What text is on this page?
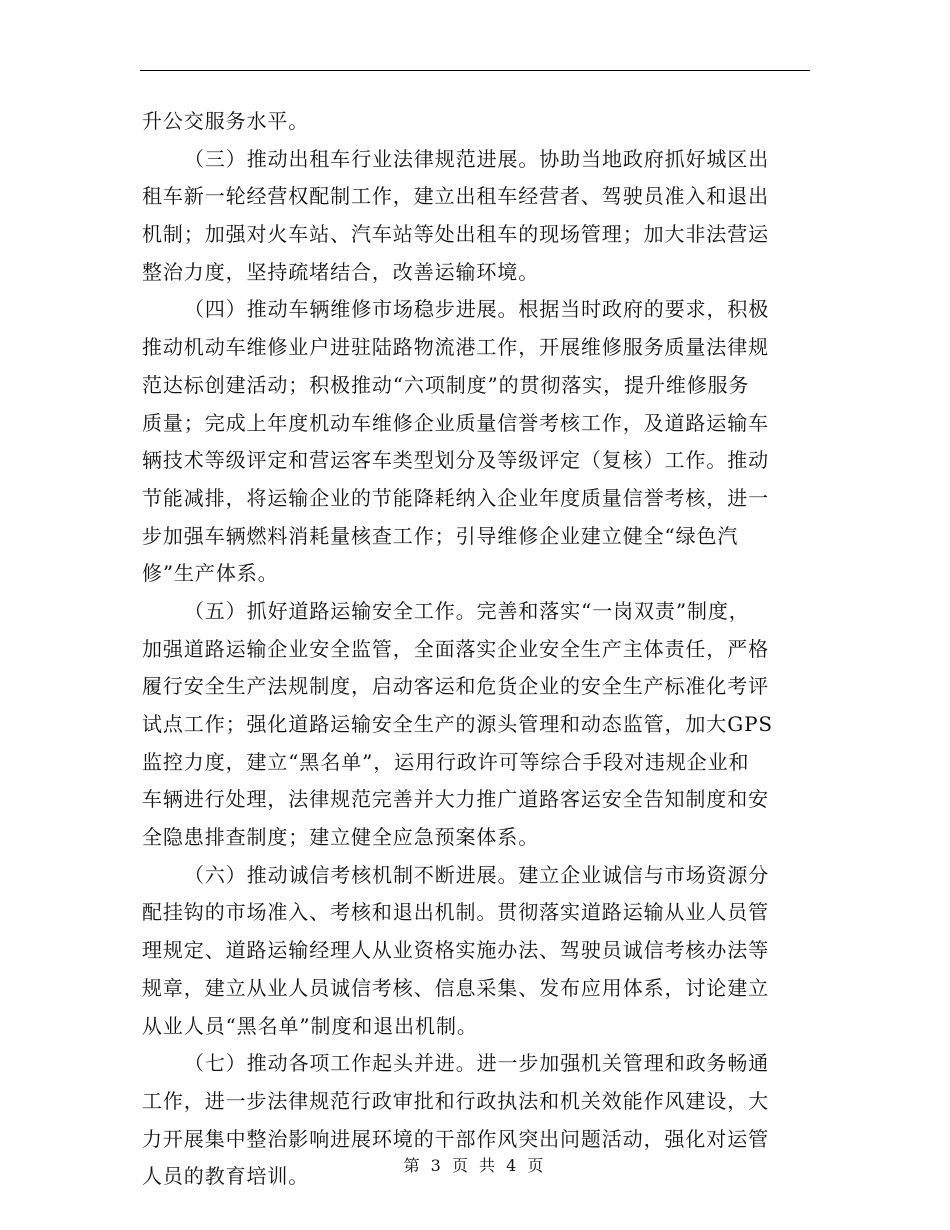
升公交服务水平。
（三）推动出租车行业法律规范进展。协助当地政府抓好城区出
租车新一轮经营权配制工作，建立出租车经营者、驾驶员准入和退出
机制；加强对火车站、汽车站等处出租车的现场管理；加大非法营运
整治力度，坚持疏堵结合，改善运输环境。
（四）推动车辆维修市场稳步进展。根据当时政府的要求，积极
推动机动车维修业户进驻陆路物流港工作，开展维修服务质量法律规
范达标创建活动；积极推动“六项制度”的贯彻落实，提升维修服务
质量；完成上年度机动车维修企业质量信誉考核工作，及道路运输车
辆技术等级评定和营运客车类型划分及等级评定（复核）工作。推动
节能减排，将运输企业的节能降耗纳入企业年度质量信誉考核，进一
步加强车辆燃料消耗量核查工作；引导维修企业建立健全“绿色汽
修”生产体系。
（五）抓好道路运输安全工作。完善和落实“一岗双责”制度，
加强道路运输企业安全监管，全面落实企业安全生产主体责任，严格
履行安全生产法规制度，启动客运和危货企业的安全生产标准化考评
试点工作；强化道路运输安全生产的源头管理和动态监管，加大GPS
监控力度，建立“黑名单”，运用行政许可等综合手段对违规企业和
车辆进行处理，法律规范完善并大力推广道路客运安全告知制度和安
全隐患排查制度；建立健全应急预案体系。
（六）推动诚信考核机制不断进展。建立企业诚信与市场资源分
配挂钩的市场准入、考核和退出机制。贯彻落实道路运输从业人员管
理规定、道路运输经理人从业资格实施办法、驾驶员诚信考核办法等
规章，建立从业人员诚信考核、信息采集、发布应用体系，讨论建立
从业人员“黑名单”制度和退出机制。
（七）推动各项工作起头并进。进一步加强机关管理和政务畅通
工作，进一步法律规范行政审批和行政执法和机关效能作风建设，大
力开展集中整治影响进展环境的干部作风突出问题活动，强化对运管
人员的教育培训。	第 3 页 共 4 页
